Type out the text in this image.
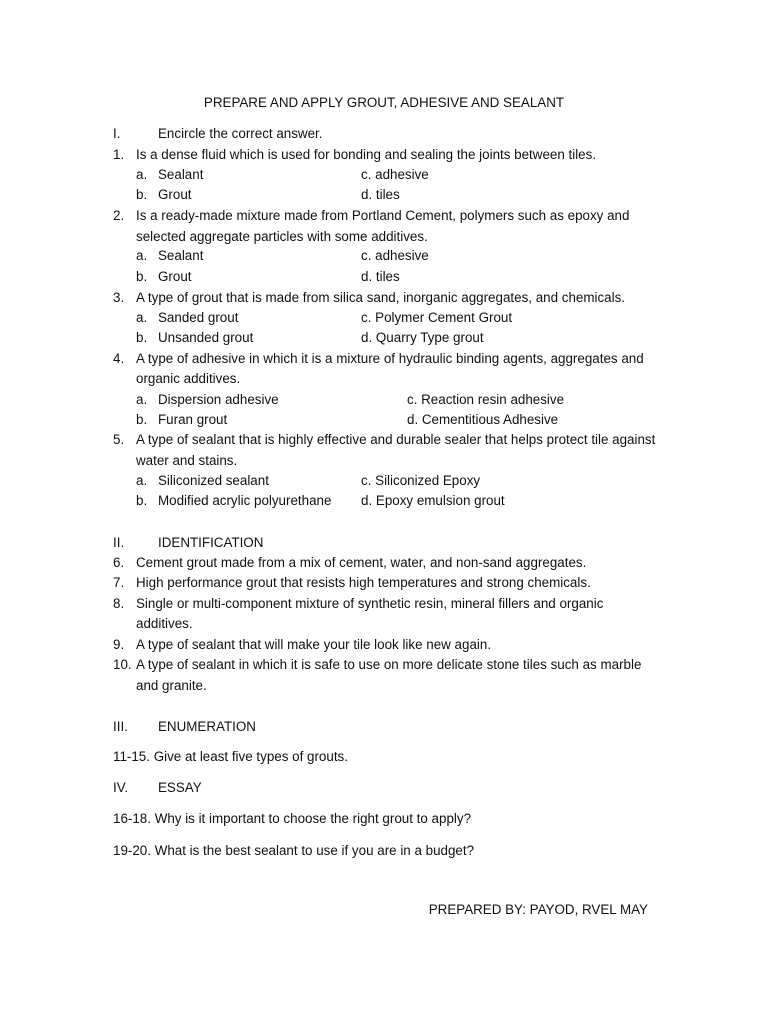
PREPARE AND APPLY GROUT, ADHESIVE AND SEALANT
I.	Encircle the correct answer.
1. Is a dense fluid which is used for bonding and sealing the joints between tiles.
a. Sealant	c. adhesive
b. Grout	d. tiles
2. Is a ready-made mixture made from Portland Cement, polymers such as epoxy and
selected aggregate particles with some additives.
a. Sealant	c. adhesive
b. Grout	d. tiles
3. A type of grout that is made from silica sand, inorganic aggregates, and chemicals.
a. Sanded grout	c. Polymer Cement Grout
b. Unsanded grout	d. Quarry Type grout
4. A type of adhesive in which it is a mixture of hydraulic binding agents, aggregates and
organic additives.
a. Dispersion adhesive	c. Reaction resin adhesive
b. Furan grout	d. Cementitious Adhesive
5. A type of sealant that is highly effective and durable sealer that helps protect tile against
water and stains.
a. Siliconized sealant	c. Siliconized Epoxy
b. Modified acrylic polyurethane d. Epoxy emulsion grout
II.	IDENTIFICATION
6. Cement grout made from a mix of cement, water, and non-sand aggregates.
7. High performance grout that resists high temperatures and strong chemicals.
8. Single or multi-component mixture of synthetic resin, mineral fillers and organic
additives.
9. A type of sealant that will make your tile look like new again.
10. A type of sealant in which it is safe to use on more delicate stone tiles such as marble
and granite.
III. ENUMERATION
11-15. Give at least five types of grouts.
IV. ESSAY
16-18. Why is it important to choose the right grout to apply?
19-20. What is the best sealant to use if you are in a budget?
PREPARED BY: PAYOD, RVEL MAY
